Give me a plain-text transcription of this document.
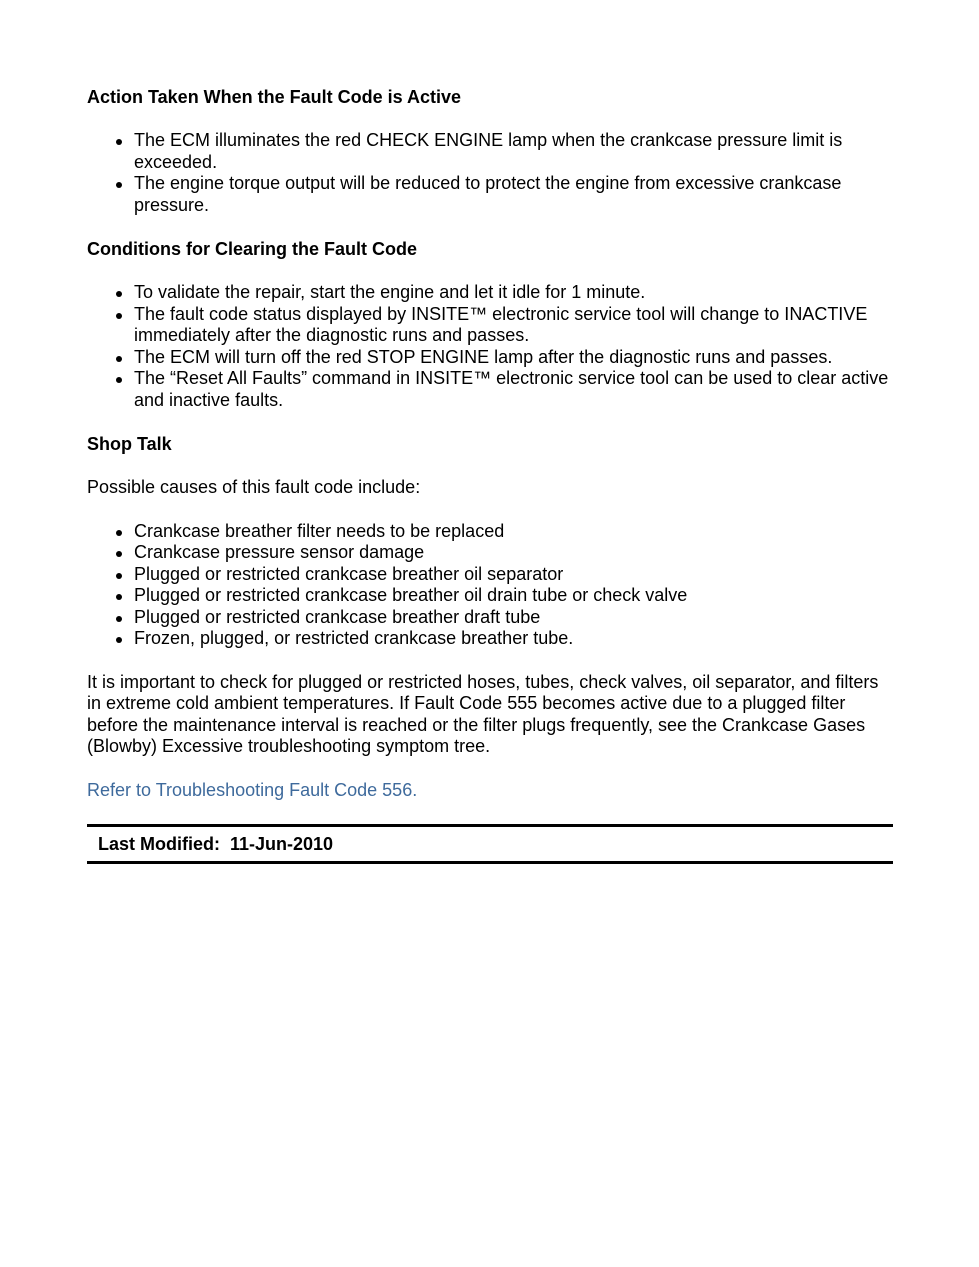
Action Taken When the Fault Code is Active
The ECM illuminates the red CHECK ENGINE lamp when the crankcase pressure limit is exceeded.
The engine torque output will be reduced to protect the engine from excessive crankcase pressure.
Conditions for Clearing the Fault Code
To validate the repair, start the engine and let it idle for 1 minute.
The fault code status displayed by INSITE™ electronic service tool will change to INACTIVE immediately after the diagnostic runs and passes.
The ECM will turn off the red STOP ENGINE lamp after the diagnostic runs and passes.
The “Reset All Faults” command in INSITE™ electronic service tool can be used to clear active and inactive faults.
Shop Talk

Possible causes of this fault code include:

Crankcase breather filter needs to be replaced
Crankcase pressure sensor damage
Plugged or restricted crankcase breather oil separator
Plugged or restricted crankcase breather oil drain tube or check valve
Plugged or restricted crankcase breather draft tube
Frozen, plugged, or restricted crankcase breather tube.

It is important to check for plugged or restricted hoses, tubes, check valves, oil separator, and filters in extreme cold ambient temperatures. If Fault Code 555 becomes active due to a plugged filter before the maintenance interval is reached or the filter plugs frequently, see the Crankcase Gases (Blowby) Excessive troubleshooting symptom tree.

Refer to Troubleshooting Fault Code 556.
Last Modified:  11-Jun-2010
